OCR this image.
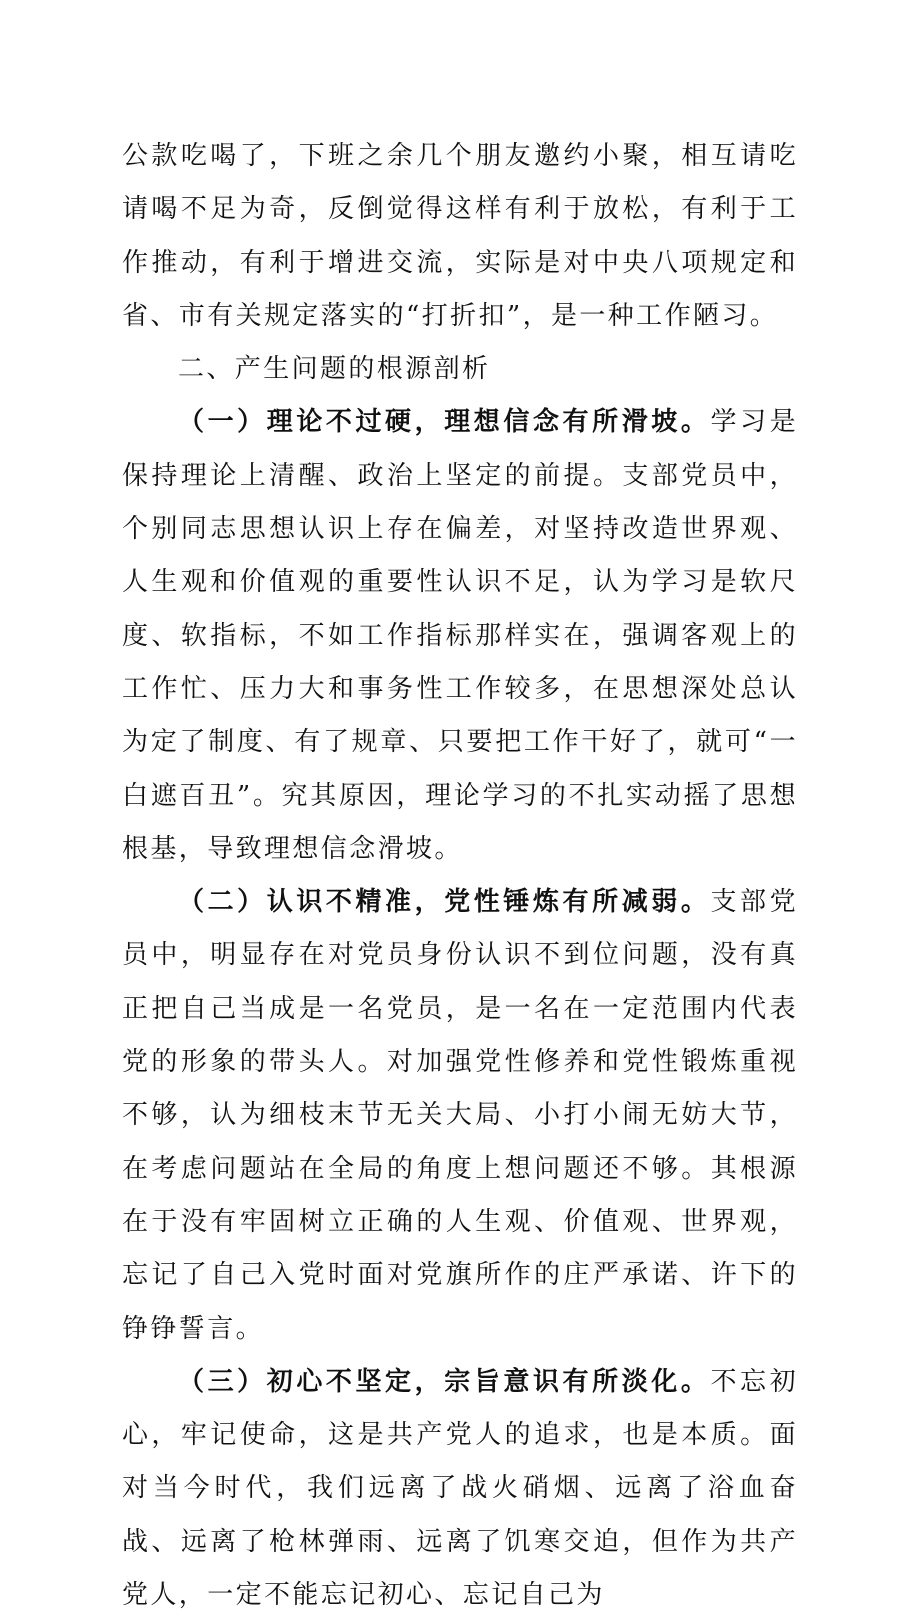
公款吃喝了，下班之余几个朋友邀约小聚，相互请吃请喝不足为奇，反倒觉得这样有利于放松，有利于工作推动，有利于增进交流，实际是对中央八项规定和省、市有关规定落实的“打折扣”，是一种工作陋习。

二、产生问题的根源剖析

（一）理论不过硬，理想信念有所滑坡。学习是保持理论上清醒、政治上坚定的前提。支部党员中，个别同志思想认识上存在偏差，对坚持改造世界观、人生观和价值观的重要性认识不足，认为学习是软尺度、软指标，不如工作指标那样实在，强调客观上的工作忙、压力大和事务性工作较多，在思想深处总认为定了制度、有了规章、只要把工作干好了，就可“一白遮百丑”。究其原因，理论学习的不扎实动摇了思想根基，导致理想信念滑坡。

（二）认识不精准，党性锤炼有所减弱。支部党员中，明显存在对党员身份认识不到位问题，没有真正把自己当成是一名党员，是一名在一定范围内代表党的形象的带头人。对加强党性修养和党性锻炼重视不够，认为细枝末节无关大局、小打小闹无妨大节，在考虑问题站在全局的角度上想问题还不够。其根源在于没有牢固树立正确的人生观、价值观、世界观，忘记了自己入党时面对党旗所作的庄严承诺、许下的铮铮誓言。

（三）初心不坚定，宗旨意识有所淡化。不忘初心，牢记使命，这是共产党人的追求，也是本质。面对当今时代，我们远离了战火硝烟、远离了浴血奋战、远离了枪林弹雨、远离了饥寒交迫，但作为共产党人，一定不能忘记初心、忘记自己为
